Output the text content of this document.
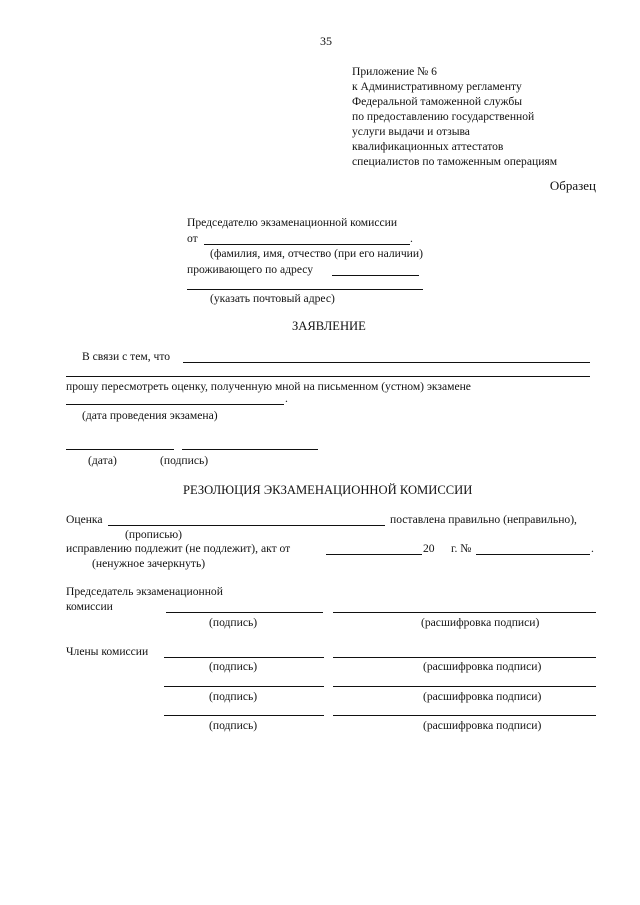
35
Приложение № 6
к Административному регламенту
Федеральной таможенной службы
по предоставлению государственной
услуги выдачи и отзыва
квалификационных аттестатов
специалистов по таможенным операциям
Образец
Председателю экзаменационной комиссии
от	.
(фамилия, имя, отчество (при его наличии)
проживающего по адресу
(указать почтовый адрес)
ЗАЯВЛЕНИЕ
В связи с тем, что
прошу пересмотреть оценку, полученную мной на письменном (устном) экзамене
.
(дата проведения экзамена)
(дата)	(подпись)
РЕЗОЛЮЦИЯ ЭКЗАМЕНАЦИОННОЙ КОМИССИИ
Оценка	поставлена правильно (неправильно),
(прописью)
исправлению подлежит (не подлежит), акт от	20 г. №	.
(ненужное зачеркнуть)
Председатель экзаменационной
комиссии
(подпись)	(расшифровка подписи)
Члены комиссии
(подпись)	(расшифровка подписи)
(подпись)	(расшифровка подписи)
(подпись)	(расшифровка подписи)
